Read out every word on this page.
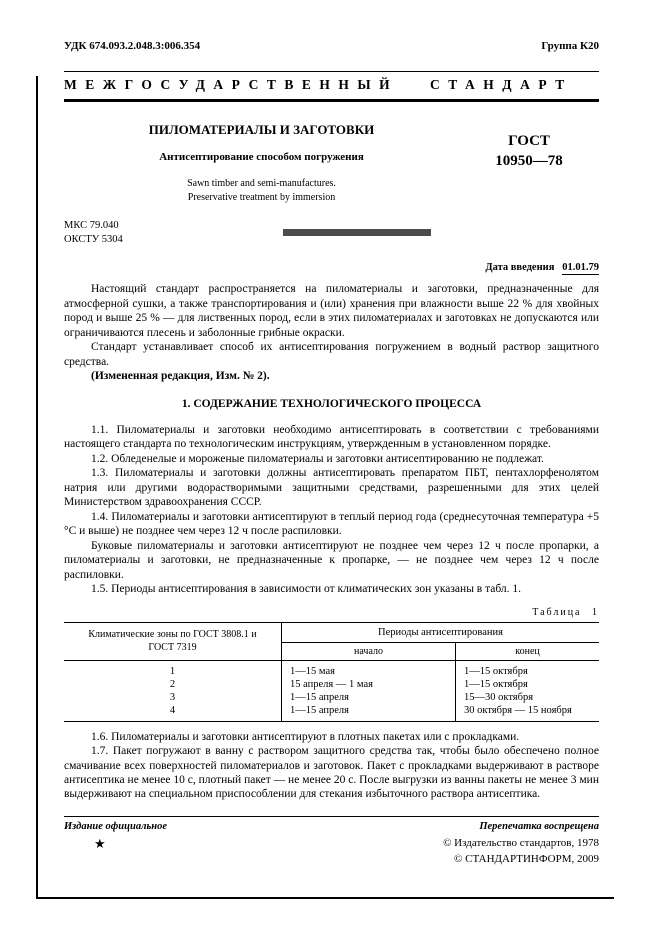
УДК 674.093.2.048.3:006.354	Группа К20
МЕЖГОСУДАРСТВЕННЫЙ СТАНДАРТ
ПИЛОМАТЕРИАЛЫ И ЗАГОТОВКИ
Антисептирование способом погружения
Sawn timber and semi-manufactures.
Preservative treatment by immersion
ГОСТ
10950—78
МКС 79.040
ОКСТУ 5304
Дата введения 01.01.79

Настоящий стандарт распространяется на пиломатериалы и заготовки, предназначенные для атмосферной сушки, а также транспортирования и (или) хранения при влажности выше 22 % для хвойных пород и выше 25 % — для лиственных пород, если в этих пиломатериалах и заготовках не допускаются или ограничиваются плесень и заболонные грибные окраски.

Стандарт устанавливает способ их антисептирования погружением в водный раствор защитного средства.

(Измененная редакция, Изм. № 2).

1. СОДЕРЖАНИЕ ТЕХНОЛОГИЧЕСКОГО ПРОЦЕССА

1.1. Пиломатериалы и заготовки необходимо антисептировать в соответствии с требованиями настоящего стандарта по технологическим инструкциям, утвержденным в установленном порядке.

1.2. Обледенелые и мороженые пиломатериалы и заготовки антисептированию не подлежат.

1.3. Пиломатериалы и заготовки должны антисептировать препаратом ПБТ, пентахлорфенолятом натрия или другими водорастворимыми защитными средствами, разрешенными для этих целей Министерством здравоохранения СССР.

1.4. Пиломатериалы и заготовки антисептируют в теплый период года (среднесуточная температура +5 °С и выше) не позднее чем через 12 ч после распиловки.

Буковые пиломатериалы и заготовки антисептируют не позднее чем через 12 ч после пропарки, а пиломатериалы и заготовки, не предназначенные к пропарке, — не позднее чем через 12 ч после распиловки.

1.5. Периоды антисептирования в зависимости от климатических зон указаны в табл. 1.

Таблица 1
Климатические зоны по ГОСТ 3808.1 и ГОСТ 7319	Периоды антисептирования	
	начало	конец
1	1—15 мая	1—15 октября
2	15 апреля — 1 мая	1—15 октября
3	1—15 апреля	15—30 октября
4	1—15 апреля	30 октября — 15 ноября

1.6. Пиломатериалы и заготовки антисептируют в плотных пакетах или с прокладками.

1.7. Пакет погружают в ванну с раствором защитного средства так, чтобы было обеспечено полное смачивание всех поверхностей пиломатериалов и заготовок. Пакет с прокладками выдерживают в растворе антисептика не менее 10 с, плотный пакет — не менее 20 с. После выгрузки из ванны пакеты не менее 3 мин выдерживают на специальном приспособлении для стекания избыточного раствора антисептика.

Издание официальное	Перепечатка воспрещена
★	© Издательство стандартов, 1978
© СТАНДАРТИНФОРМ, 2009
